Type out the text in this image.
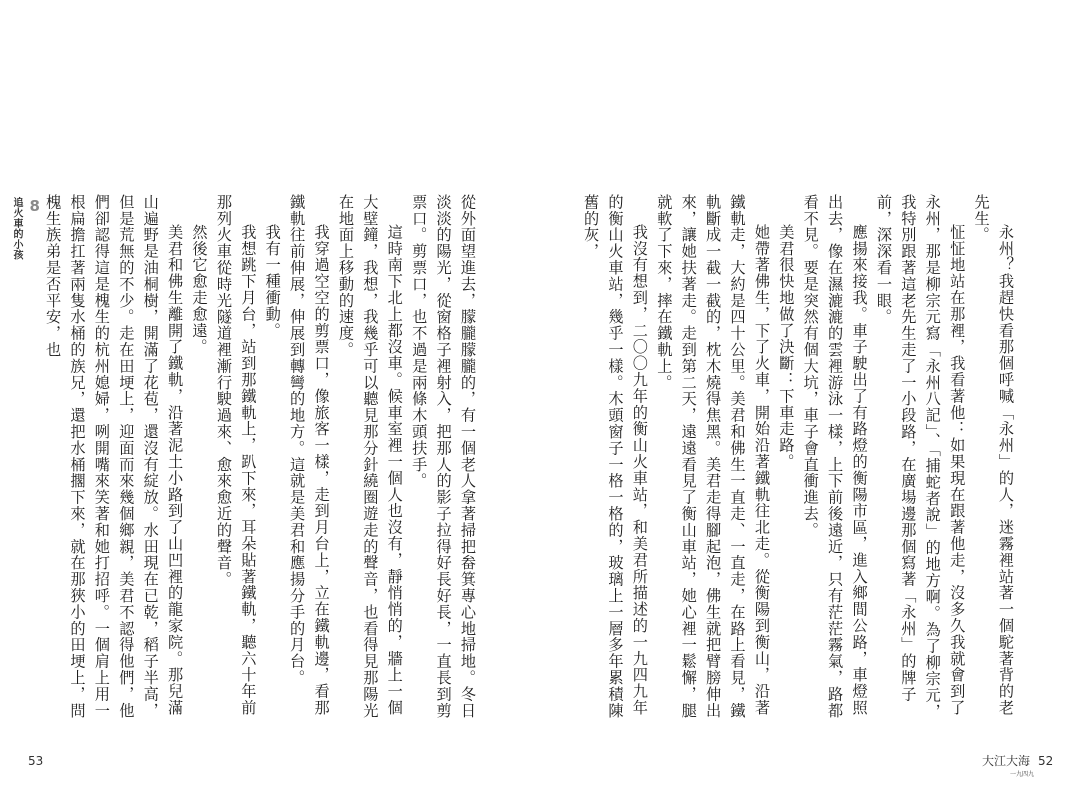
8
追火車的小孩
53

從外面望進去，朦朧朦朧的，有一個老人拿著掃把畚箕專心地掃地。冬日淡淡的陽光，從窗格子裡射入，把那人的影子拉得好長好長，一直長到剪票口。剪票口，也不過是兩條木頭扶手。

這時南下北上都沒車。候車室裡一個人也沒有，靜悄悄的，牆上一個大壁鐘，我想，我幾乎可以聽見那分針繞圈遊走的聲音，也看得見那陽光在地面上移動的速度。

我穿過空空的剪票口，像旅客一樣，走到月台上，立在鐵軌邊，看那鐵軌往前伸展，伸展到轉彎的地方。這就是美君和應揚分手的月台。

我有一種衝動。

我想跳下月台，站到那鐵軌上，趴下來，耳朵貼著鐵軌，聽六十年前那列火車從時光隧道裡漸行駛過來、愈來愈近的聲音。

然後它愈走愈遠。

美君和佛生離開了鐵軌，沿著泥土小路到了山凹裡的龍家院。那兒滿山遍野是油桐樹，開滿了花苞，還沒有綻放。水田現在已乾，稻子半高，但是荒無的不少。走在田埂上，迎面而來幾個鄉親，美君不認得他們，他們卻認得這是槐生的杭州媳婦，咧開嘴來笑著和她打招呼。一個肩上用一根扁擔扛著兩隻水桶的族兄，還把水桶擱下來，就在那狹小的田埂上，問槐生族弟是否平安，也

大江大海
一九四九
52

永州？我趕快看那個呼喊「永州」的人，迷霧裡站著一個駝著背的老先生。

怔怔地站在那裡，我看著他：如果現在跟著他走，沒多久我就會到了永州，那是柳宗元寫「永州八記」、「捕蛇者說」的地方啊。為了柳宗元，我特別跟著這老先生走了一小段路，在廣場邊那個寫著「永州」的牌子前，深深看一眼。

應揚來接我。車子駛出了有路燈的衡陽市區，進入鄉間公路，車燈照出去，像在濕漉漉的雲裡游泳一樣，上下前後遠近，只有茫茫霧氣，路都看不見。要是突然有個大坑，車子會直衝進去。

美君很快地做了決斷：下車走路。

她帶著佛生，下了火車，開始沿著鐵軌往北走。從衡陽到衡山，沿著鐵軌走，大約是四十公里。美君和佛生一直走、一直走，在路上看見，鐵軌斷成一截一截的，枕木燒得焦黑。美君走得腳起泡，佛生就把臂膀伸出來，讓她扶著走。走到第二天，遠遠看見了衡山車站，她心裡一鬆懈，腿就軟了下來，摔在鐵軌上。

我沒有想到，二〇〇九年的衡山火車站，和美君所描述的一九四九年的衡山火車站，幾乎一樣。木頭窗子一格一格的，玻璃上一層多年累積陳舊的灰，
